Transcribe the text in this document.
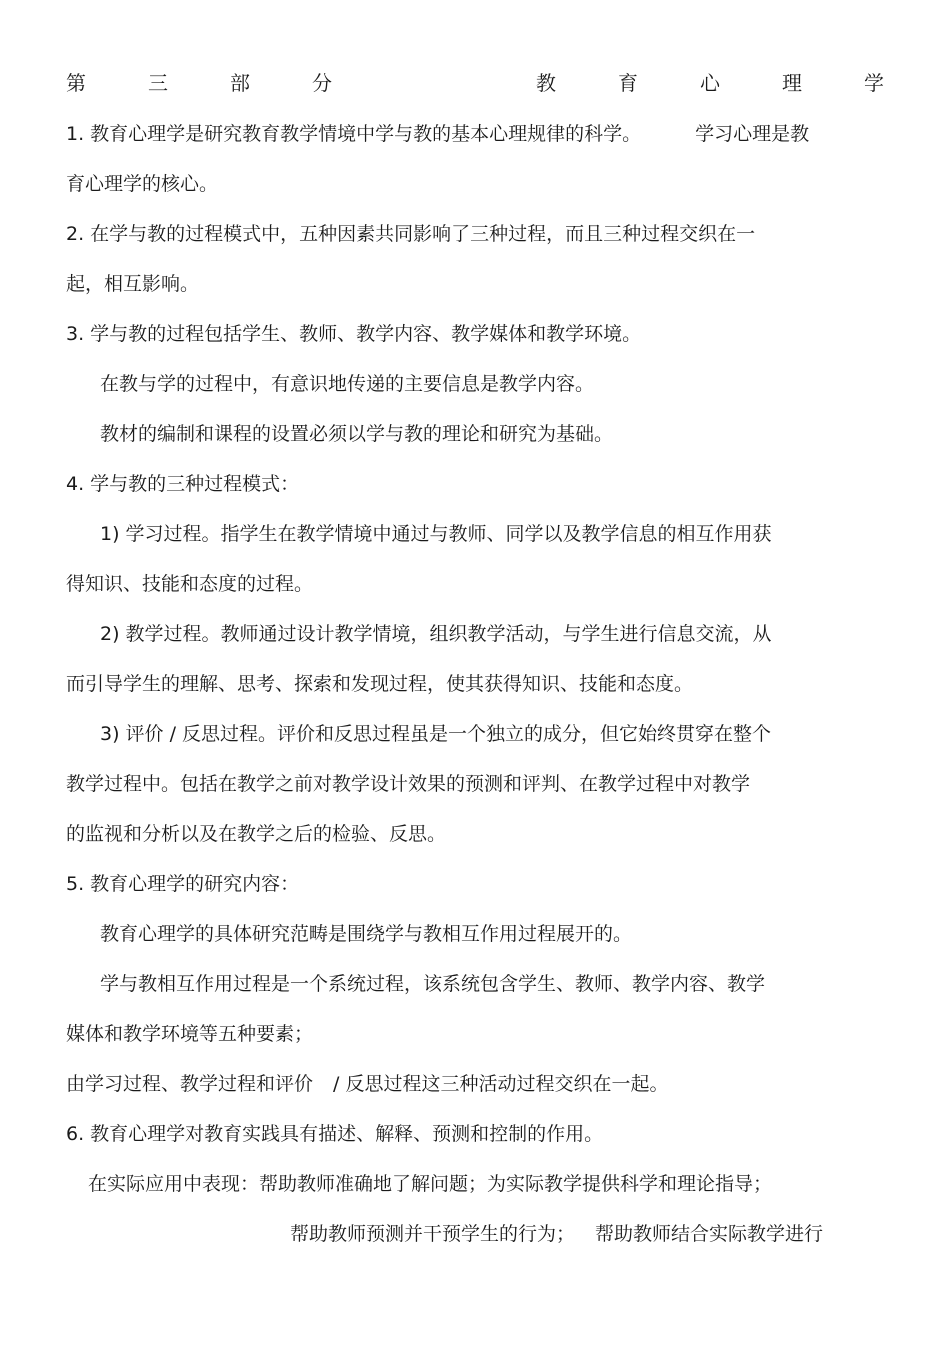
第	三	部	分	教	育	心	理	学

1. 教育心理学是研究教育教学情境中学与教的基本心理规律的科学。	学习心理是教

育心理学的核心。

2. 在学与教的过程模式中，五种因素共同影响了三种过程，而且三种过程交织在一

起，相互影响。

3. 学与教的过程包括学生、教师、教学内容、教学媒体和教学环境。

在教与学的过程中，有意识地传递的主要信息是教学内容。

教材的编制和课程的设置必须以学与教的理论和研究为基础。

4. 学与教的三种过程模式：

1) 学习过程。指学生在教学情境中通过与教师、同学以及教学信息的相互作用获

得知识、技能和态度的过程。

2) 教学过程。教师通过设计教学情境，组织教学活动，与学生进行信息交流，从

而引导学生的理解、思考、探索和发现过程，使其获得知识、技能和态度。

3) 评价 / 反思过程。评价和反思过程虽是一个独立的成分，但它始终贯穿在整个

教学过程中。包括在教学之前对教学设计效果的预测和评判、在教学过程中对教学

的监视和分析以及在教学之后的检验、反思。

5. 教育心理学的研究内容：

教育心理学的具体研究范畴是围绕学与教相互作用过程展开的。

学与教相互作用过程是一个系统过程，该系统包含学生、教师、教学内容、教学

媒体和教学环境等五种要素；

由学习过程、教学过程和评价 / 反思过程这三种活动过程交织在一起。

6. 教育心理学对教育实践具有描述、解释、预测和控制的作用。

在实际应用中表现：帮助教师准确地了解问题；为实际教学提供科学和理论指导；

帮助教师预测并干预学生的行为； 帮助教师结合实际教学进行
